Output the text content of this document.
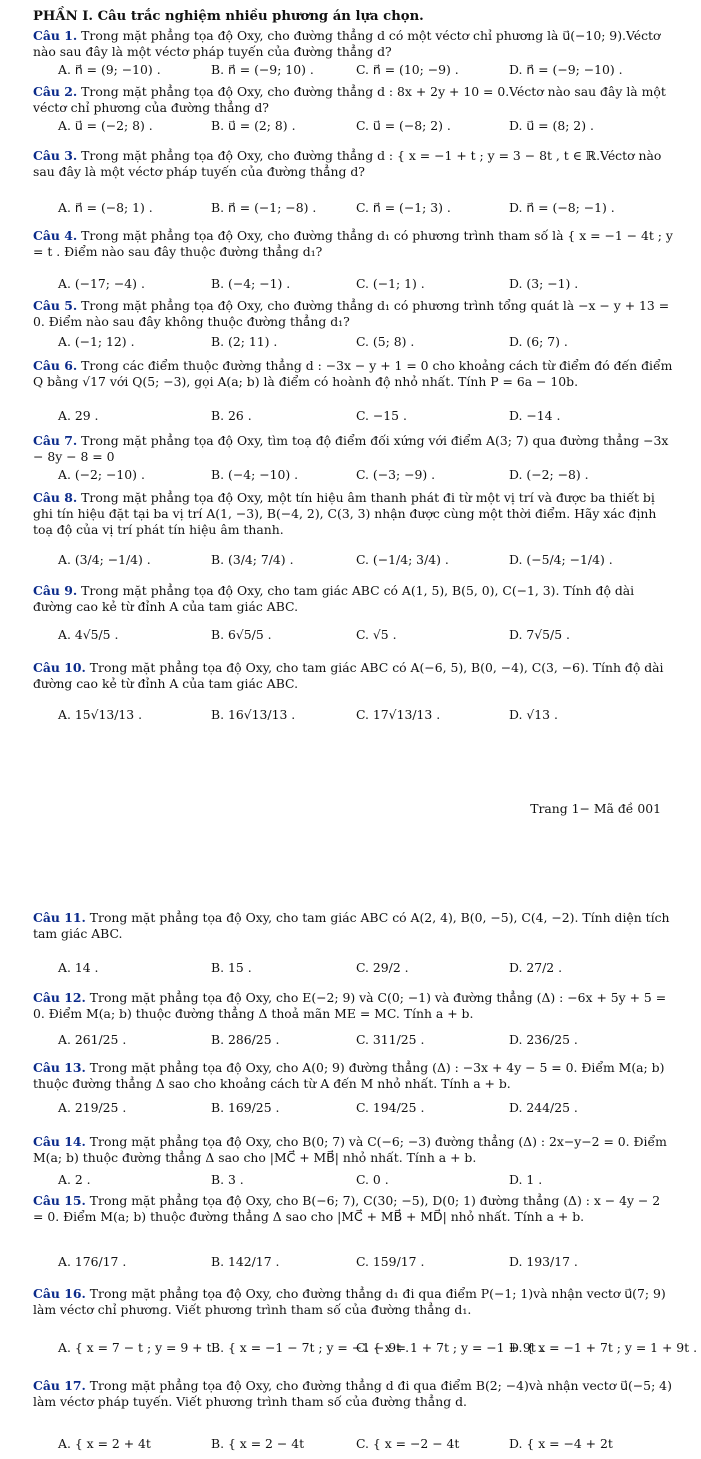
PHẦN I. Câu trắc nghiệm nhiều phương án lựa chọn.
Câu 1. Trong mặt phẳng tọa độ Oxy, cho đường thẳng d có một véctơ chỉ phương là u⃗(−10; 9).Véctơ nào sau đây là một véctơ pháp tuyến của đường thẳng d?
A. n⃗ = (9; −10) .	B. n⃗ = (−9; 10) .	C. n⃗ = (10; −9) .	D. n⃗ = (−9; −10) .
Câu 2. Trong mặt phẳng tọa độ Oxy, cho đường thẳng d : 8x + 2y + 10 = 0.Véctơ nào sau đây là một véctơ chỉ phương của đường thẳng d?
A. u⃗ = (−2; 8) .	B. u⃗ = (2; 8) .	C. u⃗ = (−8; 2) .	D. u⃗ = (8; 2) .
Câu 3. Trong mặt phẳng tọa độ Oxy, cho đường thẳng d : { x = −1 + t ; y = 3 − 8t , t ∈ ℝ.Véctơ nào sau đây là một véctơ pháp tuyến của đường thẳng d?
A. n⃗ = (−8; 1) .	B. n⃗ = (−1; −8) .	C. n⃗ = (−1; 3) .	D. n⃗ = (−8; −1) .
Câu 4. Trong mặt phẳng tọa độ Oxy, cho đường thẳng d₁ có phương trình tham số là { x = −1 − 4t ; y = t . Điểm nào sau đây thuộc đường thẳng d₁?
A. (−17; −4) .	B. (−4; −1) .	C. (−1; 1) .	D. (3; −1) .
Câu 5. Trong mặt phẳng tọa độ Oxy, cho đường thẳng d₁ có phương trình tổng quát là −x − y + 13 = 0. Điểm nào sau đây không thuộc đường thẳng d₁?
A. (−1; 12) .	B. (2; 11) .	C. (5; 8) .	D. (6; 7) .
Câu 6. Trong các điểm thuộc đường thẳng d : −3x − y + 1 = 0 cho khoảng cách từ điểm đó đến điểm Q bằng √17 với Q(5; −3), gọi A(a; b) là điểm có hoành độ nhỏ nhất. Tính P = 6a − 10b.
A. 29 .	B. 26 .	C. −15 .	D. −14 .
Câu 7. Trong mặt phẳng tọa độ Oxy, tìm toạ độ điểm đối xứng với điểm A(3; 7) qua đường thẳng −3x − 8y − 8 = 0
A. (−2; −10) .	B. (−4; −10) .	C. (−3; −9) .	D. (−2; −8) .
Câu 8. Trong mặt phẳng tọa độ Oxy, một tín hiệu âm thanh phát đi từ một vị trí và được ba thiết bị ghi tín hiệu đặt tại ba vị trí A(1, −3), B(−4, 2), C(3, 3) nhận được cùng một thời điểm. Hãy xác định toạ độ của vị trí phát tín hiệu âm thanh.
A. (3/4; −1/4) .	B. (3/4; 7/4) .	C. (−1/4; 3/4) .	D. (−5/4; −1/4) .
Câu 9. Trong mặt phẳng tọa độ Oxy, cho tam giác ABC có A(1, 5), B(5, 0), C(−1, 3). Tính độ dài đường cao kẻ từ đỉnh A của tam giác ABC.
A. 4√5/5 .	B. 6√5/5 .	C. √5 .	D. 7√5/5 .
Câu 10. Trong mặt phẳng tọa độ Oxy, cho tam giác ABC có A(−6, 5), B(0, −4), C(3, −6). Tính độ dài đường cao kẻ từ đỉnh A của tam giác ABC.
A. 15√13/13 .	B. 16√13/13 .	C. 17√13/13 .	D. √13 .
Trang 1− Mã đề 001
Câu 11. Trong mặt phẳng tọa độ Oxy, cho tam giác ABC có A(2, 4), B(0, −5), C(4, −2). Tính diện tích tam giác ABC.
A. 14 .	B. 15 .	C. 29/2 .	D. 27/2 .
Câu 12. Trong mặt phẳng tọa độ Oxy, cho E(−2; 9) và C(0; −1) và đường thẳng (Δ) : −6x + 5y + 5 = 0. Điểm M(a; b) thuộc đường thẳng Δ thoả mãn ME = MC. Tính a + b.
A. 261/25 .	B. 286/25 .	C. 311/25 .	D. 236/25 .
Câu 13. Trong mặt phẳng tọa độ Oxy, cho A(0; 9) đường thẳng (Δ) : −3x + 4y − 5 = 0. Điểm M(a; b) thuộc đường thẳng Δ sao cho khoảng cách từ A đến M nhỏ nhất. Tính a + b.
A. 219/25 .	B. 169/25 .	C. 194/25 .	D. 244/25 .
Câu 14. Trong mặt phẳng tọa độ Oxy, cho B(0; 7) và C(−6; −3) đường thẳng (Δ) : 2x−y−2 = 0. Điểm M(a; b) thuộc đường thẳng Δ sao cho |MC⃗ + MB⃗| nhỏ nhất. Tính a + b.
A. 2 .	B. 3 .	C. 0 .	D. 1 .
Câu 15. Trong mặt phẳng tọa độ Oxy, cho B(−6; 7), C(30; −5), D(0; 1) đường thẳng (Δ) : x − 4y − 2 = 0. Điểm M(a; b) thuộc đường thẳng Δ sao cho |MC⃗ + MB⃗ + MD⃗| nhỏ nhất. Tính a + b.
A. 176/17 .	B. 142/17 .	C. 159/17 .	D. 193/17 .
Câu 16. Trong mặt phẳng tọa độ Oxy, cho đường thẳng d₁ đi qua điểm P(−1; 1)và nhận vectơ u⃗(7; 9) làm véctơ chỉ phương. Viết phương trình tham số của đường thẳng d₁.
A. { x = 7 − t ; y = 9 + t .
B. { x = −1 − 7t ; y = −1 − 9t .
C. { x = 1 + 7t ; y = −1 + 9t .
D. { x = −1 + 7t ; y = 1 + 9t .
Câu 17. Trong mặt phẳng tọa độ Oxy, cho đường thẳng d đi qua điểm B(2; −4)và nhận vectơ u⃗(−5; 4) làm véctơ pháp tuyến. Viết phương trình tham số của đường thẳng d.
A. { x = 2 + 4t	B. { x = 2 − 4t	C. { x = −2 − 4t	D. { x = −4 + 2t
